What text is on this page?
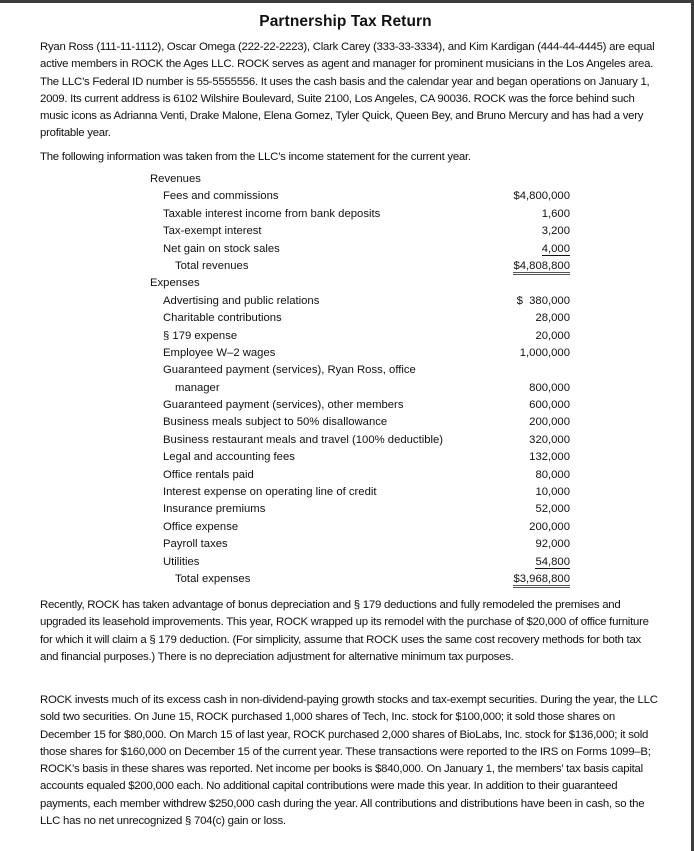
Partnership Tax Return

Ryan Ross (111-11-1112), Oscar Omega (222-22-2223), Clark Carey (333-33-3334), and Kim Kardigan (444-44-4445) are equal active members in ROCK the Ages LLC. ROCK serves as agent and manager for prominent musicians in the Los Angeles area. The LLC’s Federal ID number is 55-5555556. It uses the cash basis and the calendar year and began operations on January 1, 2009. Its current address is 6102 Wilshire Boulevard, Suite 2100, Los Angeles, CA 90036. ROCK was the force behind such music icons as Adrianna Venti, Drake Malone, Elena Gomez, Tyler Quick, Queen Bey, and Bruno Mercury and has had a very profitable year.

The following information was taken from the LLC’s income statement for the current year.

Revenues
Fees and commissions	$4,800,000
Taxable interest income from bank deposits	1,600
Tax-exempt interest	3,200
Net gain on stock sales	4,000
Total revenues	$4,808,800
Expenses
Advertising and public relations	$  380,000
Charitable contributions	28,000
§ 179 expense	20,000
Employee W–2 wages	1,000,000
Guaranteed payment (services), Ryan Ross, office
manager	800,000
Guaranteed payment (services), other members	600,000
Business meals subject to 50% disallowance	200,000
Business restaurant meals and travel (100% deductible)	320,000
Legal and accounting fees	132,000
Office rentals paid	80,000
Interest expense on operating line of credit	10,000
Insurance premiums	52,000
Office expense	200,000
Payroll taxes	92,000
Utilities	54,800
Total expenses	$3,968,800

Recently, ROCK has taken advantage of bonus depreciation and § 179 deductions and fully remodeled the premises and upgraded its leasehold improvements. This year, ROCK wrapped up its remodel with the purchase of $20,000 of office furniture for which it will claim a § 179 deduction. (For simplicity, assume that ROCK uses the same cost recovery methods for both tax and financial purposes.) There is no depreciation adjustment for alternative minimum tax purposes.

ROCK invests much of its excess cash in non-dividend-paying growth stocks and tax-exempt securities. During the year, the LLC sold two securities. On June 15, ROCK purchased 1,000 shares of Tech, Inc. stock for $100,000; it sold those shares on December 15 for $80,000. On March 15 of last year, ROCK purchased 2,000 shares of BioLabs, Inc. stock for $136,000; it sold those shares for $160,000 on December 15 of the current year. These transactions were reported to the IRS on Forms 1099–B; ROCK’s basis in these shares was reported. Net income per books is $840,000. On January 1, the members’ tax basis capital accounts equaled $200,000 each. No additional capital contributions were made this year. In addition to their guaranteed payments, each member withdrew $250,000 cash during the year. All contributions and distributions have been in cash, so the LLC has no net unrecognized § 704(c) gain or loss.
